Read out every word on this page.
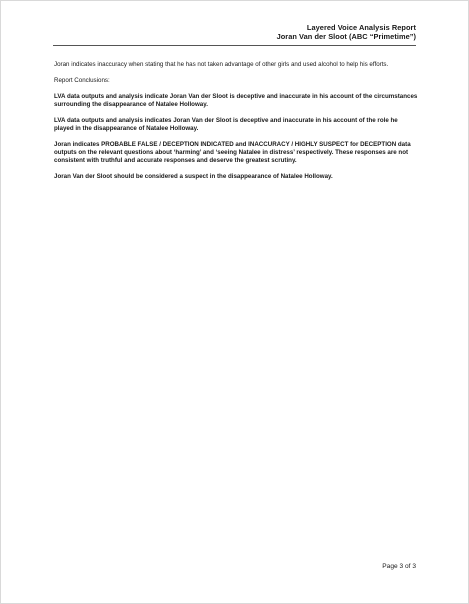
Layered Voice Analysis Report
Joran Van der Sloot (ABC “Primetime”)

Joran indicates inaccuracy when stating that he has not taken advantage of other girls and used alcohol to help his efforts.

Report Conclusions:

LVA data outputs and analysis indicate Joran Van der Sloot is deceptive and inaccurate in his account of the circumstances surrounding the disappearance of Natalee Holloway.

LVA data outputs and analysis indicates Joran Van der Sloot is deceptive and inaccurate in his account of the role he played in the disappearance of Natalee Holloway.

Joran indicates PROBABLE FALSE / DECEPTION INDICATED and INACCURACY / HIGHLY SUSPECT for DECEPTION data outputs on the relevant questions about ‘harming’ and ‘seeing Natalee in distress’ respectively. These responses are not consistent with truthful and accurate responses and deserve the greatest scrutiny.

Joran Van der Sloot should be considered a suspect in the disappearance of Natalee Holloway.

Page 3 of 3
